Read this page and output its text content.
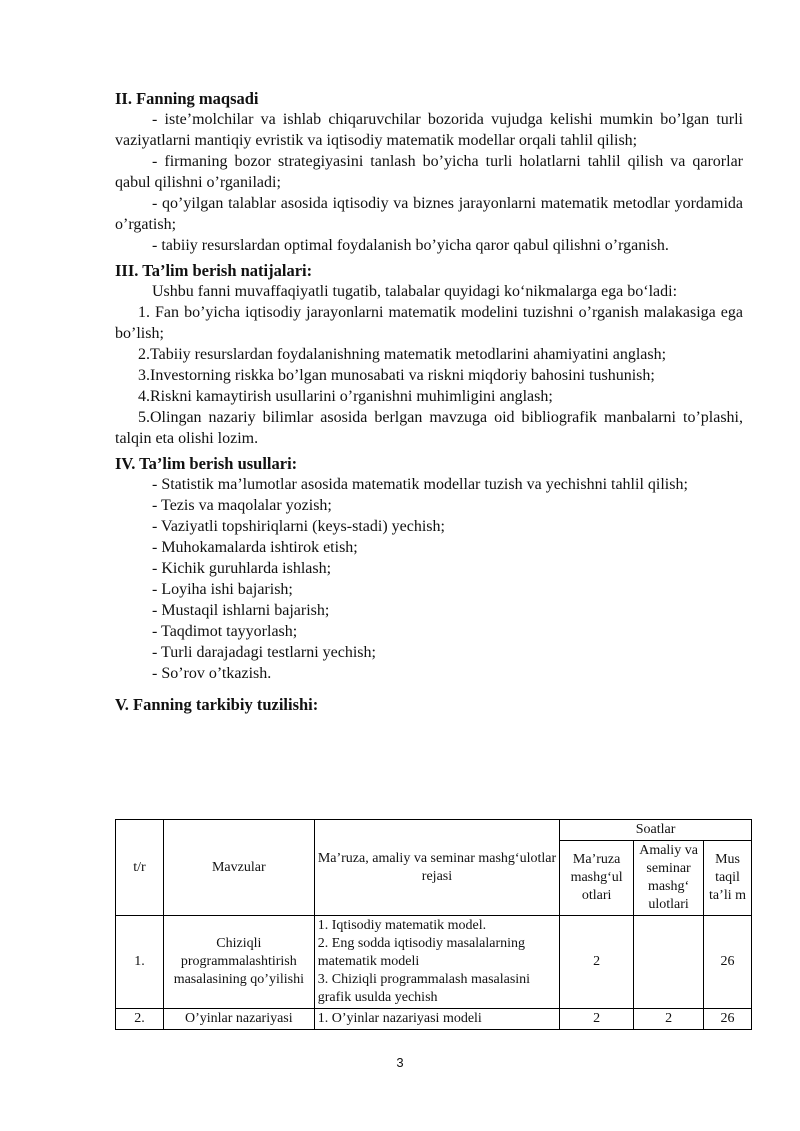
II. Fanning maqsadi

- iste’molchilar va ishlab chiqaruvchilar bozorida vujudga kelishi mumkin bo’lgan turli vaziyatlarni mantiqiy evristik va iqtisodiy matematik modellar orqali tahlil qilish;

- firmaning bozor strategiyasini tanlash bo’yicha turli holatlarni tahlil qilish va qarorlar qabul qilishni o’rganiladi;

- qo’yilgan talablar asosida iqtisodiy va biznes jarayonlarni matematik metodlar yordamida o’rgatish;

- tabiiy resurslardan optimal foydalanish bo’yicha qaror qabul qilishni o’rganish.

III. Ta’lim berish natijalari:

Ushbu fanni muvaffaqiyatli tugatib, talabalar quyidagi ko‘nikmalarga ega bo‘ladi:

1. Fan bo’yicha iqtisodiy jarayonlarni matematik modelini tuzishni o’rganish malakasiga ega bo’lish;

2.Tabiiy resurslardan foydalanishning matematik metodlarini ahamiyatini anglash;

3.Investorning riskka bo’lgan munosabati va riskni miqdoriy bahosini tushunish;

4.Riskni kamaytirish usullarini o’rganishni muhimligini anglash;

5.Olingan nazariy bilimlar asosida berlgan mavzuga oid bibliografik manbalarni to’plashi, talqin eta olishi lozim.

IV. Ta’lim berish usullari:

- Statistik ma’lumotlar asosida matematik modellar tuzish va yechishni tahlil qilish;

- Tezis va maqolalar yozish;
- Vaziyatli topshiriqlarni (keys-stadi) yechish;
- Muhokamalarda ishtirok etish;
- Kichik guruhlarda ishlash;
- Loyiha ishi bajarish;
- Mustaqil ishlarni bajarish;
- Taqdimot tayyorlash;
- Turli darajadagi testlarni yechish;
- So’rov o’tkazish.
V. Fanning tarkibiy tuzilishi:
t/r	Mavzular	Ma’ruza, amaliy va seminar mashg‘ulotlar rejasi	Soatlar		
			Ma’ruza mashg‘ul otlari	Amaliy va seminar mashg‘ ulotlari	Mus taqil ta’li m
1.	Chiziqli programmalashtirish masalasining qo’yilishi	1. Iqtisodiy matematik model.
2. Eng sodda iqtisodiy masalalarning matematik modeli
3. Chiziqli programmalash masalasini grafik usulda yechish	2		26
2.	O’yinlar nazariyasi	1. O’yinlar nazariyasi modeli	2	2	26
3
